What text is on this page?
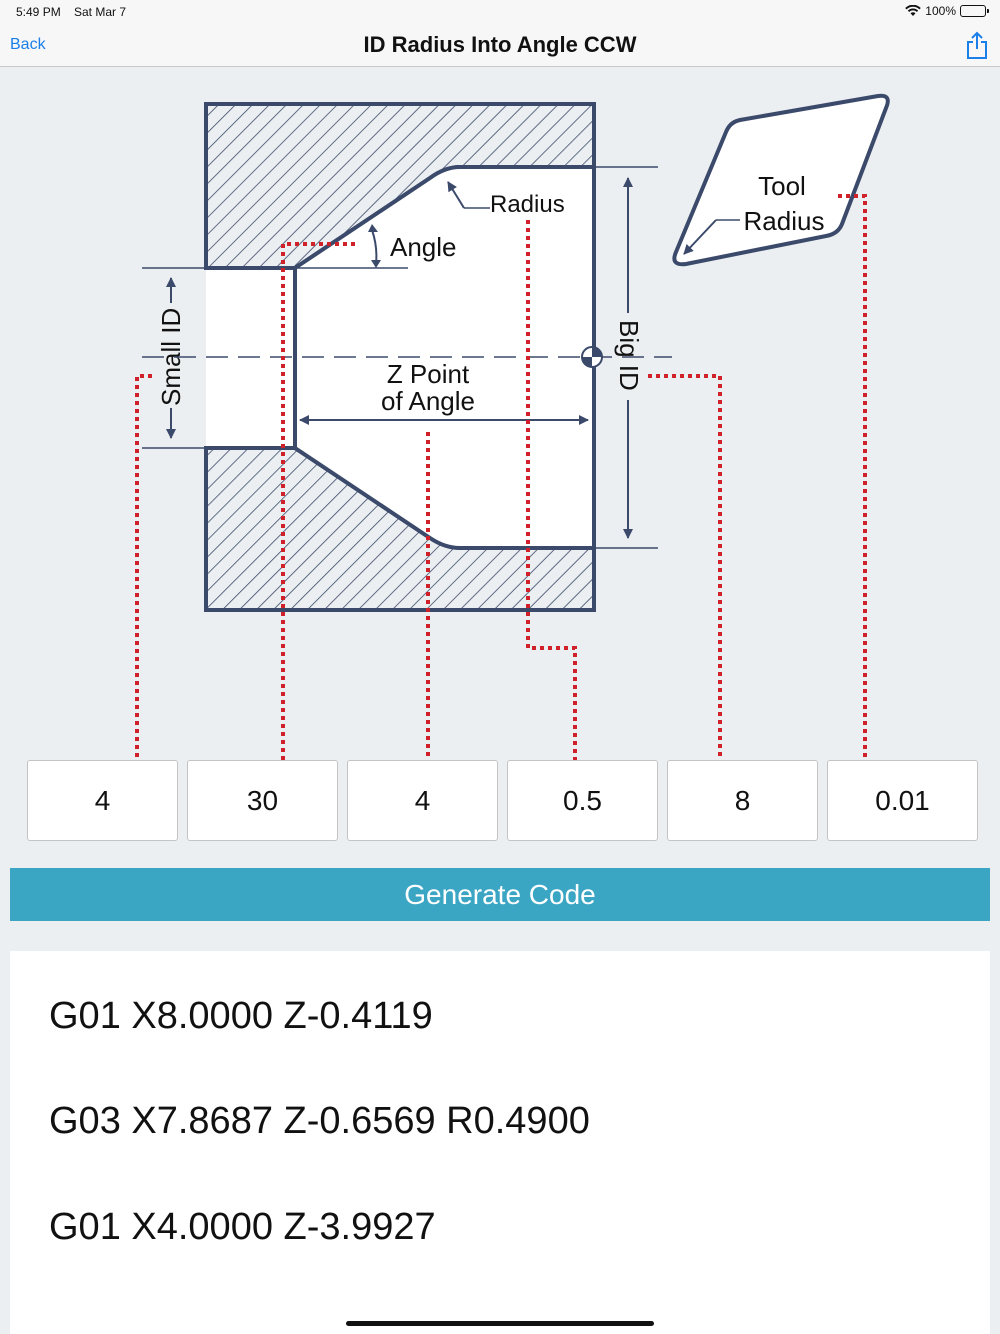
5:49 PM Sat Mar 7	100%
Back	ID Radius Into Angle CCW
Big ID
Small ID	Z Point
of Angle
Angle
Radius
Tool
Radius
4
30
4
0.5
8
0.01
Generate Code
G01 X8.0000 Z-0.4119
G03 X7.8687 Z-0.6569 R0.4900
G01 X4.0000 Z-3.9927
